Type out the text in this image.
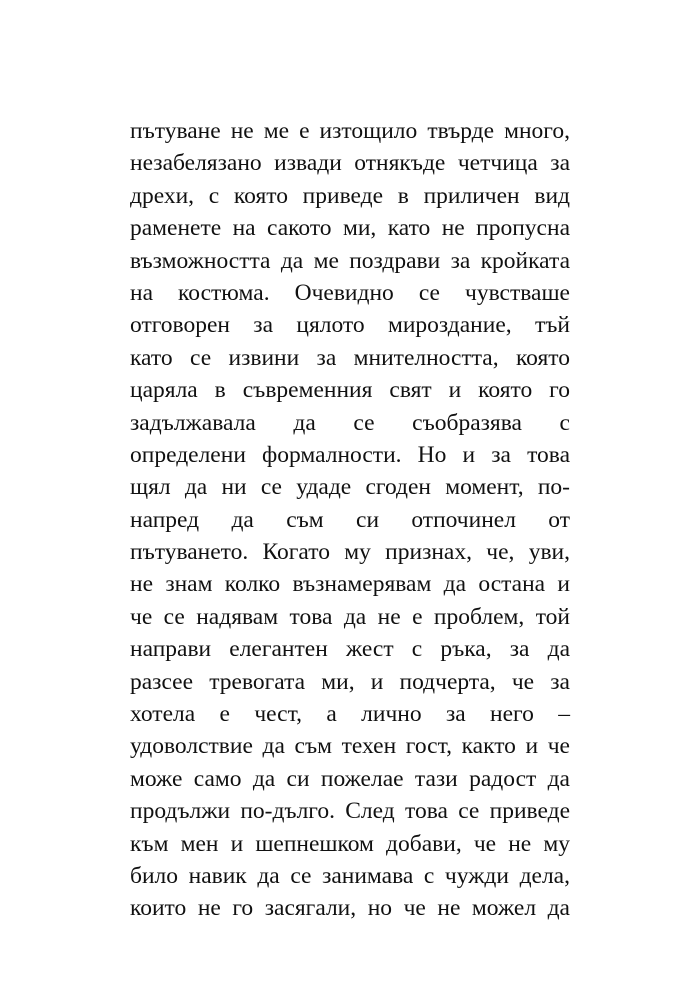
пътуване не ме е изтощило твърде много,
незабелязано извади отнякъде четчица за
дрехи, с която приведе в приличен вид
раменете на сакото ми, като не пропусна
възможността да ме поздрави за кройката
на костюма. Очевидно се чувстваше
отговорен за цялото мироздание, тъй
като се извини за мнителността, която
царяла в съвременния свят и която го
задължавала да се съобразява с
определени формалности. Но и за това
щял да ни се удаде сгоден момент, по-
напред да съм си отпочинел от
пътуването. Когато му признах, че, уви,
не знам колко възнамерявам да остана и
че се надявам това да не е проблем, той
направи елегантен жест с ръка, за да
разсее тревогата ми, и подчерта, че за
хотела е чест, а лично за него –
удоволствие да съм техен гост, както и че
може само да си пожелае тази радост да
продължи по-дълго. След това се приведе
към мен и шепнешком добави, че не му
било навик да се занимава с чужди дела,
които не го засягали, но че не можел да
